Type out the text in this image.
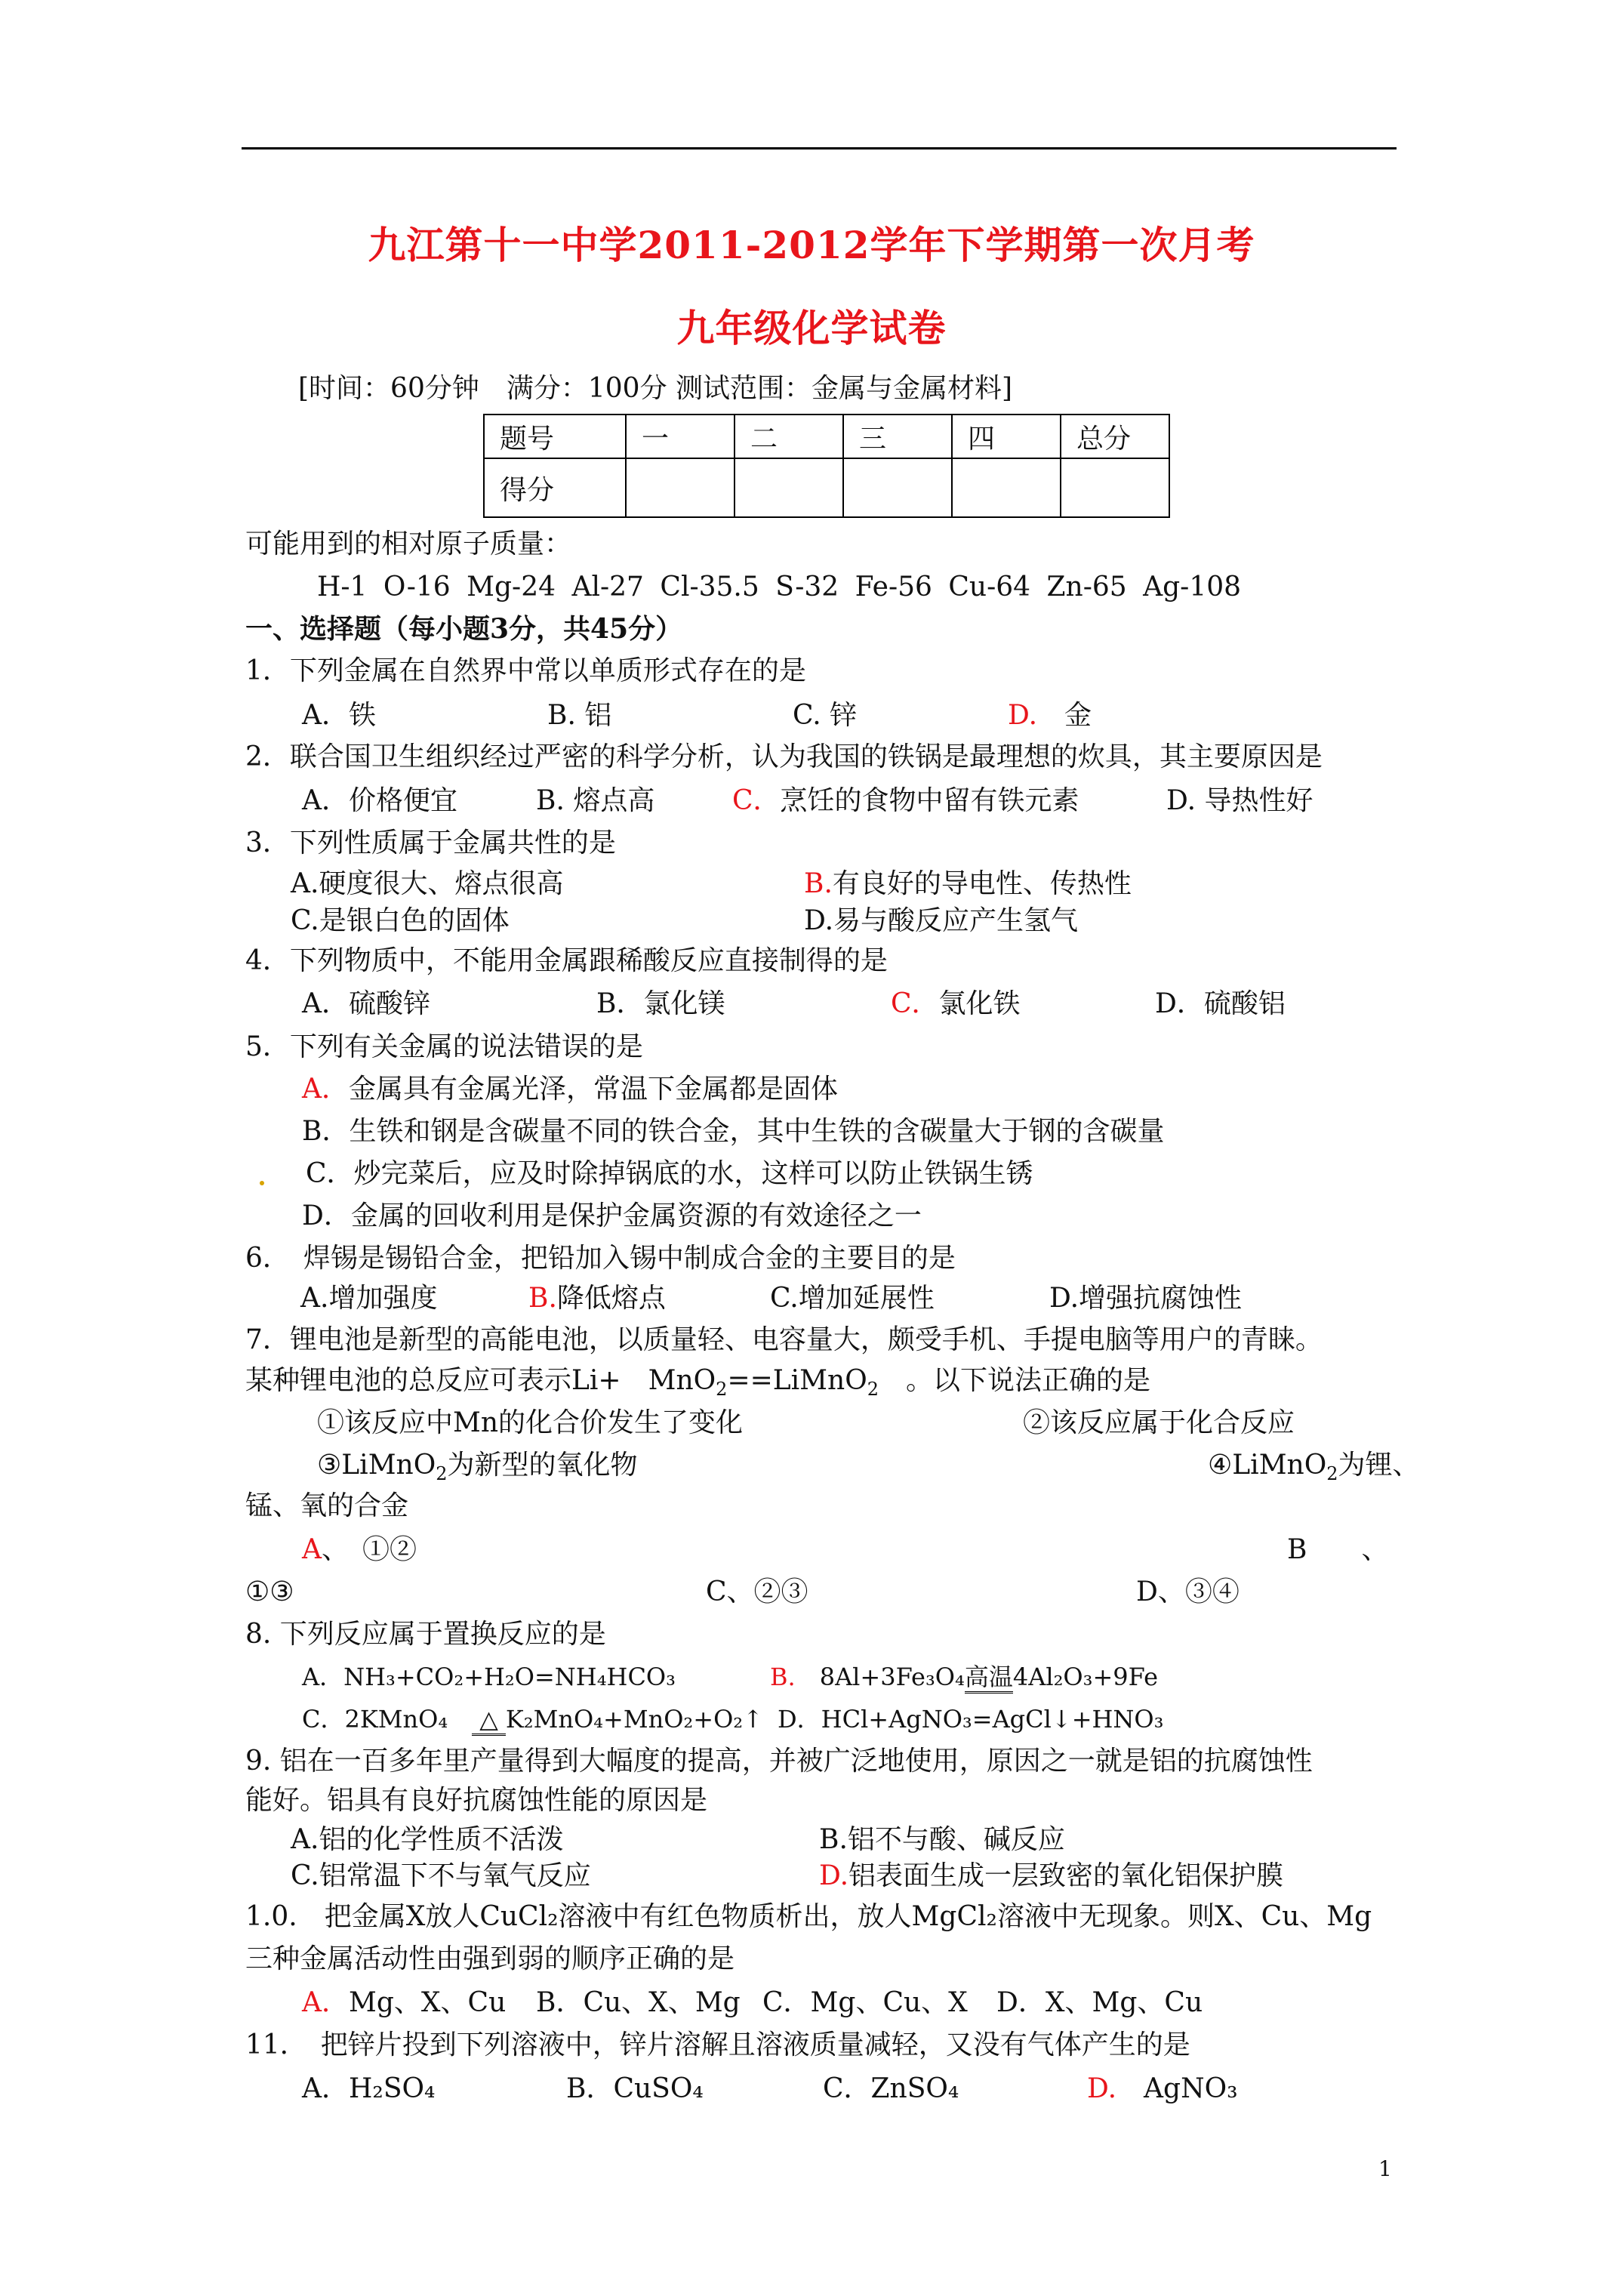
九江第十一中学2011-2012学年下学期第一次月考
九年级化学试卷
[时间：60分钟　满分：100分 测试范围：金属与金属材料]
题号	一	二	三	四	总分
得分					
可能用到的相对原子质量：
H-1 O-16 Mg-24 Al-27 Cl-35.5 S-32 Fe-56 Cu-64 Zn-65 Ag-108
一、选择题（每小题3分，共45分）
1．下列金属在自然界中常以单质形式存在的是
A．铁	B. 铝	C. 锌	D.　 金
2．联合国卫生组织经过严密的科学分析，认为我国的铁锅是最理想的炊具，其主要原因是
A．价格便宜	B. 熔点高	C．烹饪的食物中留有铁元素	D. 导热性好
3．下列性质属于金属共性的是
A.硬度很大、熔点很高	B.有良好的导电性、传热性
C.是银白色的固体	D.易与酸反应产生氢气
4．下列物质中，不能用金属跟稀酸反应直接制得的是
A．硫酸锌	B．氯化镁	C．氯化铁	D．硫酸铝
5．下列有关金属的说法错误的是
A．金属具有金属光泽，常温下金属都是固体
B．生铁和钢是含碳量不同的铁合金，其中生铁的含碳量大于钢的含碳量
C．炒完菜后，应及时除掉锅底的水，这样可以防止铁锅生锈
D．金属的回收利用是保护金属资源的有效途径之一
6．　焊锡是锡铅合金，把铅加入锡中制成合金的主要目的是
A.增加强度	B.降低熔点	C.增加延展性	D.增强抗腐蚀性
7．锂电池是新型的高能电池，以质量轻、电容量大，颇受手机、手提电脑等用户的青睐。
某种锂电池的总反应可表示Li+　MnO$_2$==LiMnO$_2$　。以下说法正确的是
①该反应中Mn的化合价发生了变化	②该反应属于化合反应
③LiMnO$_2$为新型的氧化物	④LiMnO$_2$为锂、
锰、氧的合金
A、　①②	B　　、
①③	C、②③	D、③④
8. 下列反应属于置换反应的是
A．NH₃+CO₂+H₂O=NH₄HCO₃	B.　 8Al+3Fe₃O₄高温4Al₂O₃+9Fe
C．2KMnO₄　 △ K₂MnO₄+MnO₂+O₂↑ D．HCl+AgNO₃=AgCl↓+HNO₃
9. 铝在一百多年里产量得到大幅度的提高，并被广泛地使用，原因之一就是铝的抗腐蚀性
能好。铝具有良好抗腐蚀性能的原因是
A.铝的化学性质不活泼	B.铝不与酸、碱反应
C.铝常温下不与氧气反应	D.铝表面生成一层致密的氧化铝保护膜
1.0.　把金属X放人CuCl₂溶液中有红色物质析出，放人MgCl₂溶液中无现象。则X、Cu、Mg
三种金属活动性由强到弱的顺序正确的是
A．Mg、X、Cu B．Cu、X、Mg C．Mg、Cu、X D．X、Mg、Cu
11．　把锌片投到下列溶液中，锌片溶解且溶液质量减轻，又没有气体产生的是
A．H₂SO₄	B．CuSO₄	C．ZnSO₄	D.　 AgNO₃
1
